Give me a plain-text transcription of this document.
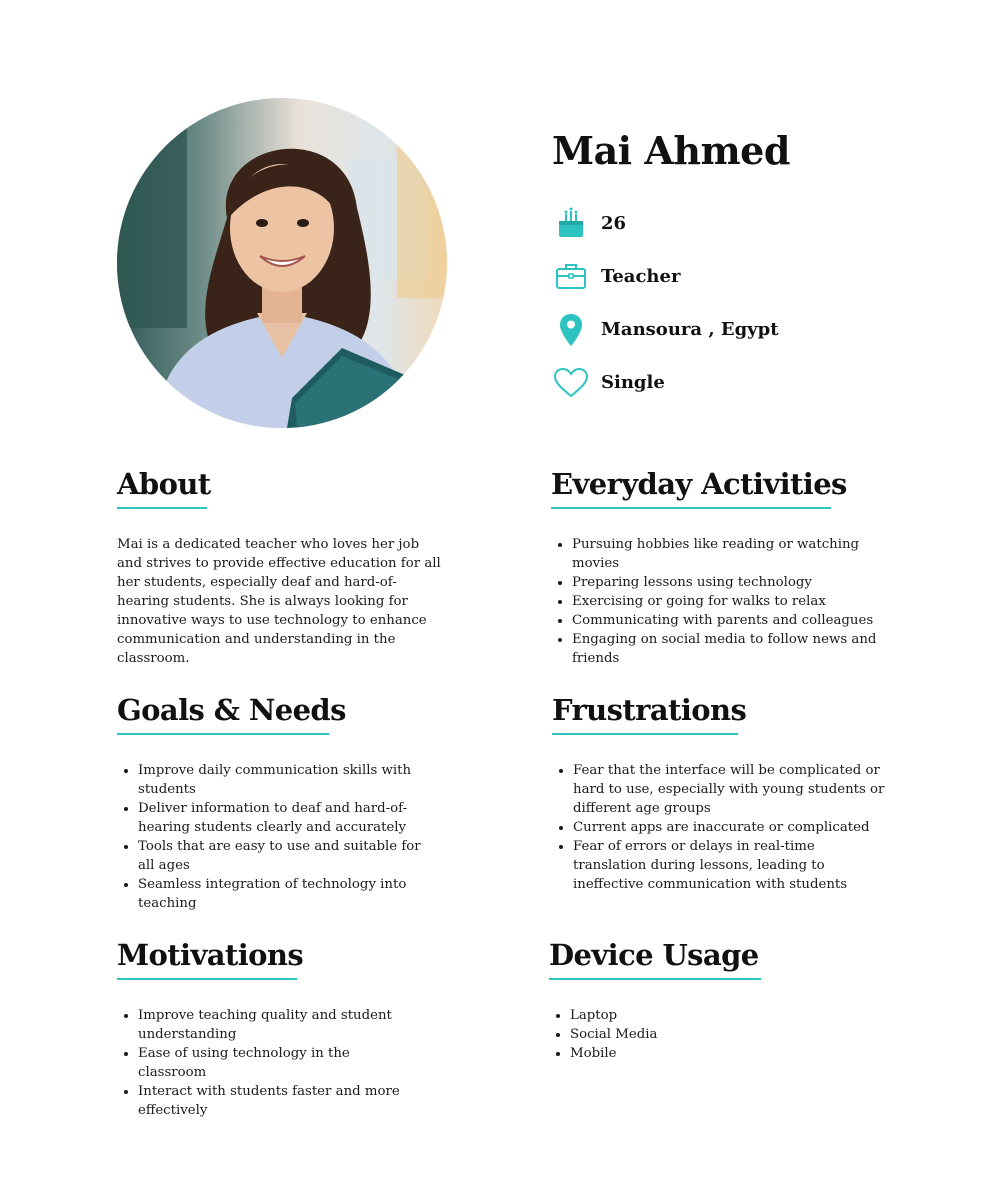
Mai Ahmed
26
Teacher
Mansoura , Egypt
Single
About

Mai is a dedicated teacher who loves her job and strives to provide effective education for all her students, especially deaf and hard-of-hearing students. She is always looking for innovative ways to use technology to enhance communication and understanding in the classroom.

Everyday Activities
• Pursuing hobbies like reading or watching movies
• Preparing lessons using technology
• Exercising or going for walks to relax
• Communicating with parents and colleagues
• Engaging on social media to follow news and friends
Goals & Needs
• Improve daily communication skills with students
• Deliver information to deaf and hard-of-hearing students clearly and accurately
• Tools that are easy to use and suitable for all ages
• Seamless integration of technology into teaching
Frustrations
• Fear that the interface will be complicated or hard to use, especially with young students or different age groups
• Current apps are inaccurate or complicated
• Fear of errors or delays in real-time translation during lessons, leading to ineffective communication with students
Motivations
• Improve teaching quality and student understanding
• Ease of using technology in the classroom
• Interact with students faster and more effectively
Device Usage
• Laptop
• Social Media
• Mobile
